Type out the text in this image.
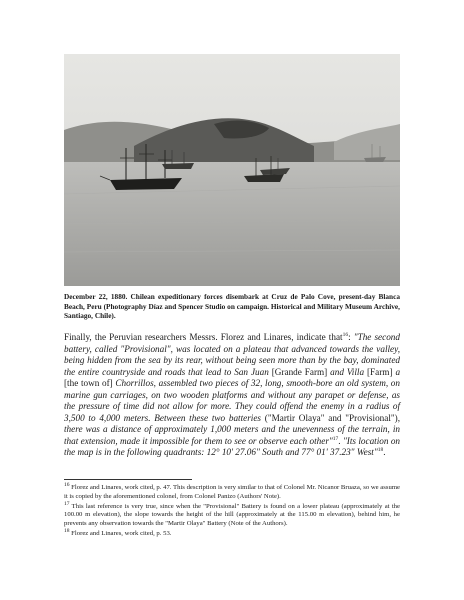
December 22, 1880. Chilean expeditionary forces disembark at Cruz de Palo Cove, present-day Blanca Beach, Peru (Photography Díaz and Spencer Studio on campaign. Historical and Military Museum Archive, Santiago, Chile).
Finally, the Peruvian researchers Messrs. Florez and Linares, indicate that$^{16}$: "The second battery, called "Provisional", was located on a plateau that advanced towards the valley, being hidden from the sea by its rear, without being seen more than by the bay, dominated the entire countryside and roads that lead to San Juan [Grande Farm] and Villa [Farm] a [the town of] Chorrillos, assembled two pieces of 32, long, smooth-bore an old system, on marine gun carriages, on two wooden platforms and without any parapet or defense, as the pressure of time did not allow for more. They could offend the enemy in a radius of 3,500 to 4,000 meters. Between these two batteries ("Martir Olaya" and "Provisional"), there was a distance of approximately 1,000 meters and the unevenness of the terrain, in that extension, made it impossible for them to see or observe each other"$^{17}$. "Its location on the map is in the following quadrants: 12° 10' 27.06" South and 77° 01' 37.23" West"$^{18}$.
$^{16}$ Florez and Linares, work cited, p. 47. This description is very similar to that of Colonel Mr. Nicanor Bruaza, so we assume it is copied by the aforementioned colonel, from Colonel Panizo (Authors' Note).
$^{17}$ This last reference is very true, since when the "Provisional" Battery is found on a lower plateau (approximately at the 100.00 m elevation), the slope towards the height of the hill (approximately at the 115.00 m elevation), behind him, he prevents any observation towards the "Martir Olaya" Battery (Note of the Authors).
$^{18}$ Florez and Linares, work cited, p. 53.
